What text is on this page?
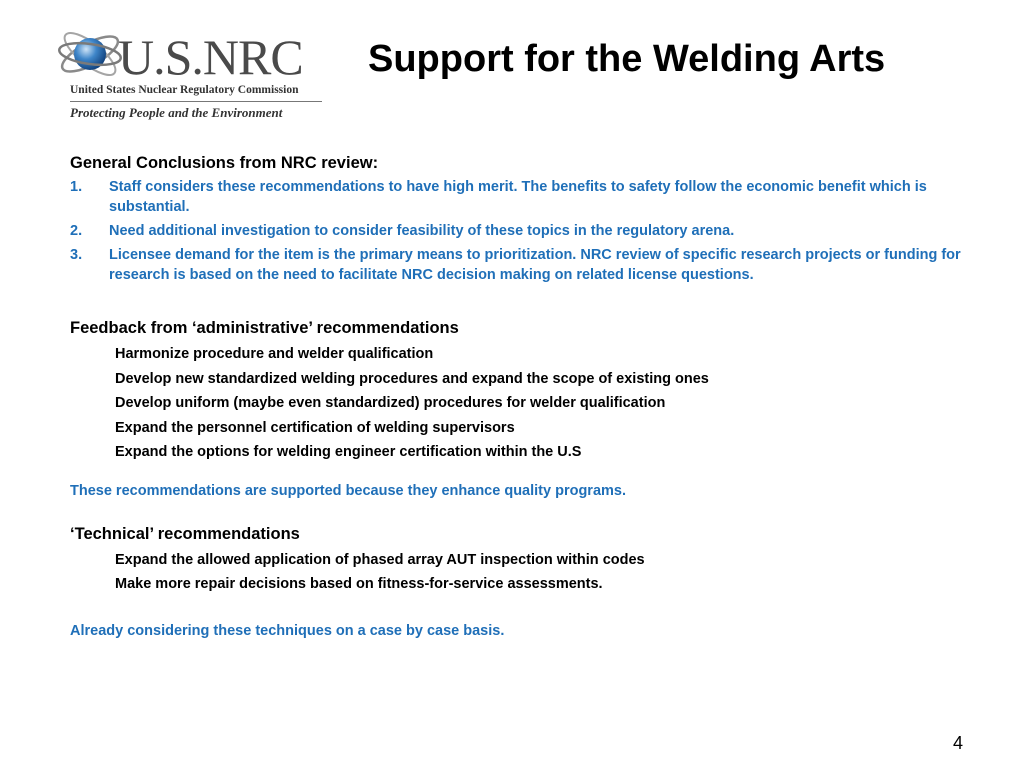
U.S.NRC
United States Nuclear Regulatory Commission
Protecting People and the Environment
Support for the Welding Arts

General Conclusions from NRC review:

1. Staff considers these recommendations to have high merit. The benefits to safety follow the economic benefit which is substantial.
2. Need additional investigation to consider feasibility of these topics in the regulatory arena.
3. Licensee demand for the item is the primary means to prioritization. NRC review of specific research projects or funding for research is based on the need to facilitate NRC decision making on related license questions.

Feedback from ‘administrative’ recommendations

Harmonize procedure and welder qualification
Develop new standardized welding procedures and expand the scope of existing ones
Develop uniform (maybe even standardized) procedures for welder qualification
Expand the personnel certification of welding supervisors
Expand the options for welding engineer certification within the U.S

These recommendations are supported because they enhance quality programs.

‘Technical’ recommendations

Expand the allowed application of phased array AUT inspection within codes
Make more repair decisions based on fitness-for-service assessments.

Already considering these techniques on a case by case basis.

4
